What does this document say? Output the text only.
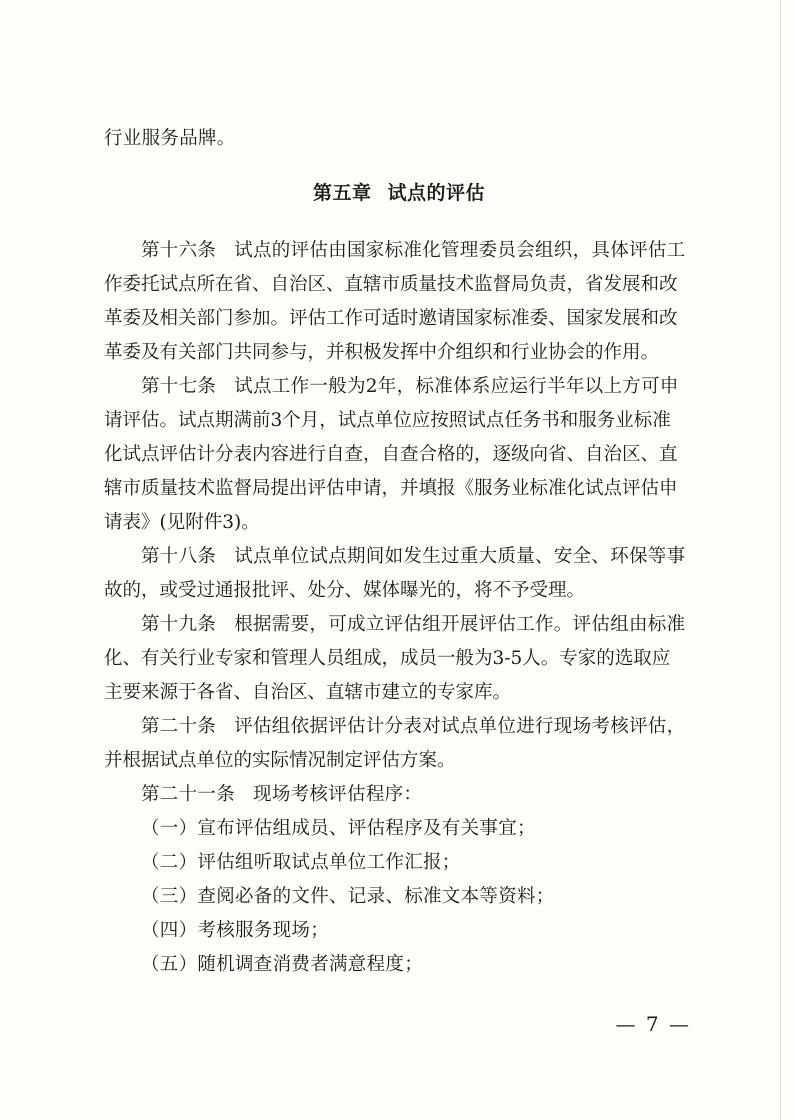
行业服务品牌。
第五章 试点的评估
第十六条 试点的评估由国家标准化管理委员会组织，具体评估工
作委托试点所在省、自治区、直辖市质量技术监督局负责，省发展和改
革委及相关部门参加。评估工作可适时邀请国家标准委、国家发展和改
革委及有关部门共同参与，并积极发挥中介组织和行业协会的作用。
第十七条 试点工作一般为2年，标准体系应运行半年以上方可申
请评估。试点期满前3个月，试点单位应按照试点任务书和服务业标准
化试点评估计分表内容进行自查，自查合格的，逐级向省、自治区、直
辖市质量技术监督局提出评估申请，并填报《服务业标准化试点评估申
请表》(见附件3)。
第十八条 试点单位试点期间如发生过重大质量、安全、环保等事
故的，或受过通报批评、处分、媒体曝光的，将不予受理。
第十九条 根据需要，可成立评估组开展评估工作。评估组由标准
化、有关行业专家和管理人员组成，成员一般为3-5人。专家的选取应
主要来源于各省、自治区、直辖市建立的专家库。
第二十条 评估组依据评估计分表对试点单位进行现场考核评估，
并根据试点单位的实际情况制定评估方案。
第二十一条 现场考核评估程序：
（一）宣布评估组成员、评估程序及有关事宜；
（二）评估组听取试点单位工作汇报；
（三）查阅必备的文件、记录、标准文本等资料；
（四）考核服务现场；
（五）随机调查消费者满意程度；
— 7 —
